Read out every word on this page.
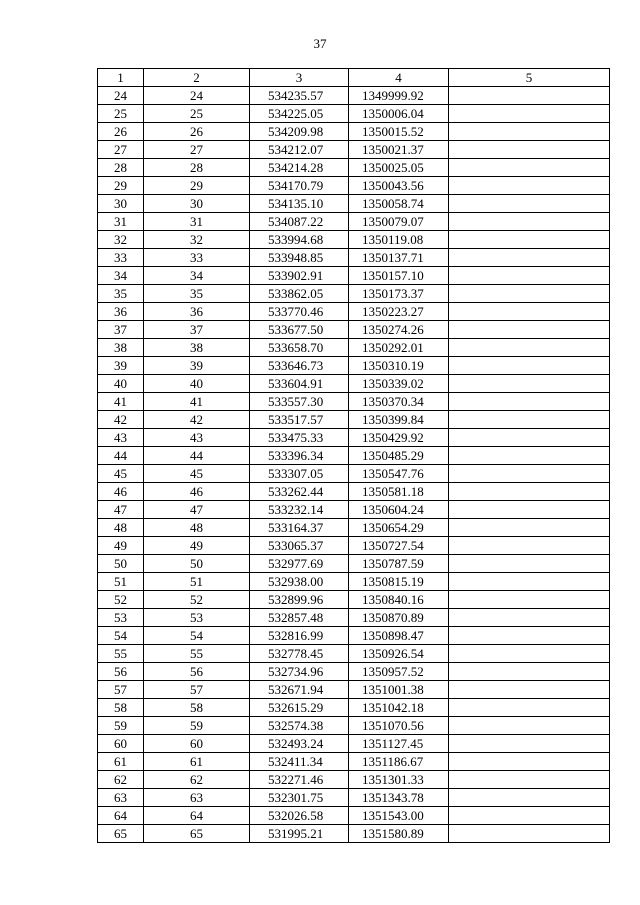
37
1	2	3	4	5
24	24	534235.57	1349999.92	
25	25	534225.05	1350006.04	
26	26	534209.98	1350015.52	
27	27	534212.07	1350021.37	
28	28	534214.28	1350025.05	
29	29	534170.79	1350043.56	
30	30	534135.10	1350058.74	
31	31	534087.22	1350079.07	
32	32	533994.68	1350119.08	
33	33	533948.85	1350137.71	
34	34	533902.91	1350157.10	
35	35	533862.05	1350173.37	
36	36	533770.46	1350223.27	
37	37	533677.50	1350274.26	
38	38	533658.70	1350292.01	
39	39	533646.73	1350310.19	
40	40	533604.91	1350339.02	
41	41	533557.30	1350370.34	
42	42	533517.57	1350399.84	
43	43	533475.33	1350429.92	
44	44	533396.34	1350485.29	
45	45	533307.05	1350547.76	
46	46	533262.44	1350581.18	
47	47	533232.14	1350604.24	
48	48	533164.37	1350654.29	
49	49	533065.37	1350727.54	
50	50	532977.69	1350787.59	
51	51	532938.00	1350815.19	
52	52	532899.96	1350840.16	
53	53	532857.48	1350870.89	
54	54	532816.99	1350898.47	
55	55	532778.45	1350926.54	
56	56	532734.96	1350957.52	
57	57	532671.94	1351001.38	
58	58	532615.29	1351042.18	
59	59	532574.38	1351070.56	
60	60	532493.24	1351127.45	
61	61	532411.34	1351186.67	
62	62	532271.46	1351301.33	
63	63	532301.75	1351343.78	
64	64	532026.58	1351543.00	
65	65	531995.21	1351580.89	
